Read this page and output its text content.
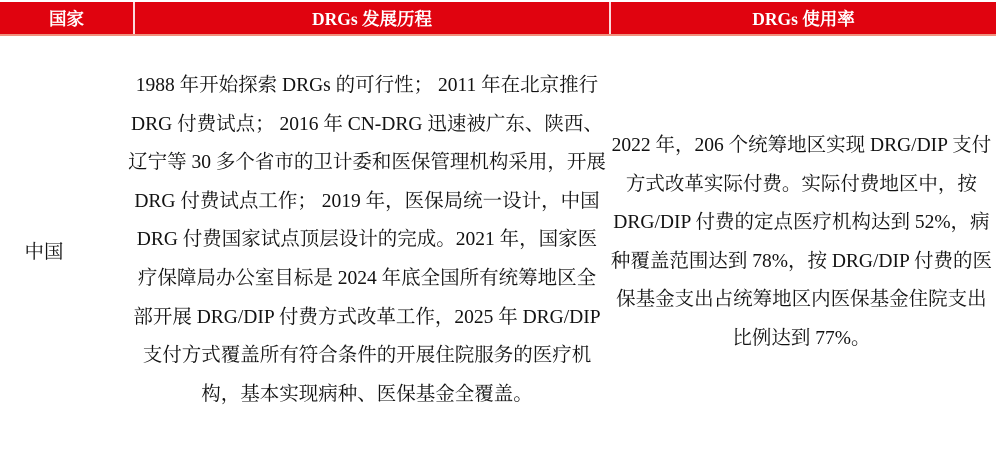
国家	DRGs 发展历程	DRGs 使用率
中国
1988 年开始探索 DRGs 的可行性； 2011 年在北京推行
DRG 付费试点； 2016 年 CN-DRG 迅速被广东、陕西、
辽宁等 30 多个省市的卫计委和医保管理机构采用，开展
DRG 付费试点工作； 2019 年，医保局统一设计，中国
DRG 付费国家试点顶层设计的完成。2021 年，国家医
疗保障局办公室目标是 2024 年底全国所有统筹地区全
部开展 DRG/DIP 付费方式改革工作，2025 年 DRG/DIP
支付方式覆盖所有符合条件的开展住院服务的医疗机
构，基本实现病种、医保基金全覆盖。
2022 年，206 个统筹地区实现 DRG/DIP 支付
方式改革实际付费。实际付费地区中，按
DRG/DIP 付费的定点医疗机构达到 52%，病
种覆盖范围达到 78%，按 DRG/DIP 付费的医
保基金支出占统筹地区内医保基金住院支出
比例达到 77%。
